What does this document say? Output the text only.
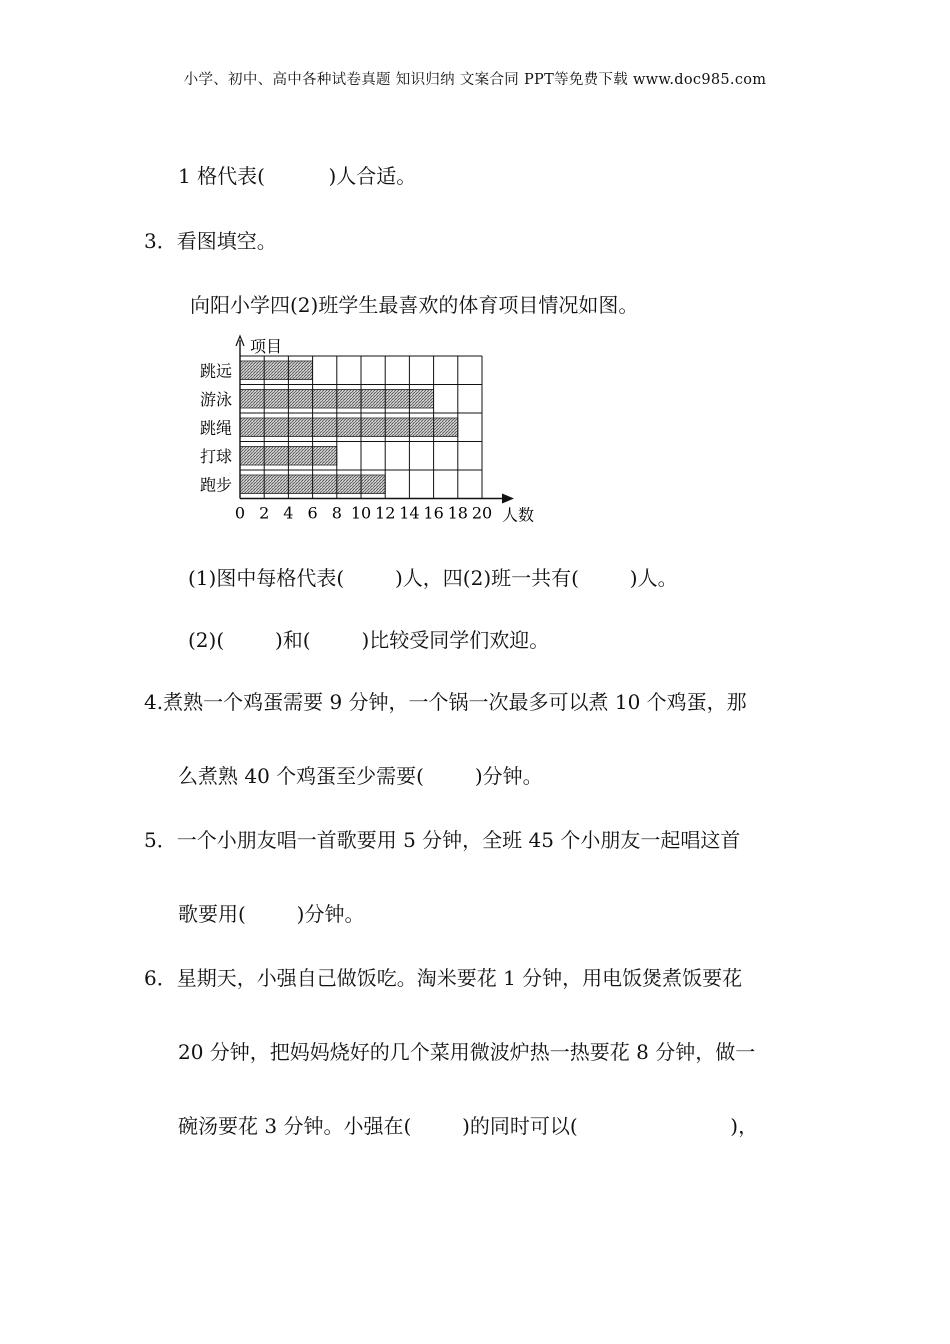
小学、初中、高中各种试卷真题 知识归纳 文案合同 PPT等免费下载 www.doc985.com
1 格代表(          )人合适。
3．看图填空。
向阳小学四(2)班学生最喜欢的体育项目情况如图。
项目
跳远
游泳
跳绳
打球
跑步
0 2 4 6 8 10 12 14 16 18 20 人数
(1)图中每格代表(        )人，四(2)班一共有(        )人。
(2)(        )和(        )比较受同学们欢迎。
4.煮熟一个鸡蛋需要 9 分钟，一个锅一次最多可以煮 10 个鸡蛋，那
么煮熟 40 个鸡蛋至少需要(        )分钟。
5．一个小朋友唱一首歌要用 5 分钟，全班 45 个小朋友一起唱这首
歌要用(        )分钟。
6．星期天，小强自己做饭吃。淘米要花 1 分钟，用电饭煲煮饭要花
20 分钟，把妈妈烧好的几个菜用微波炉热一热要花 8 分钟，做一
碗汤要花 3 分钟。小强在(        )的同时可以(                        )，
